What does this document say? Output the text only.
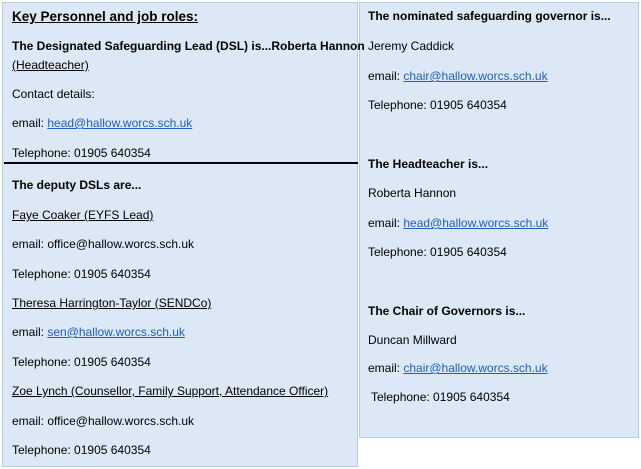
Key Personnel and job roles:
The Designated Safeguarding Lead (DSL) is...Roberta Hannon
(Headteacher)
Contact details:
email: head@hallow.worcs.sch.uk
Telephone: 01905 640354
The deputy DSLs are...
Faye Coaker (EYFS Lead)
email: office@hallow.worcs.sch.uk
Telephone: 01905 640354
Theresa Harrington-Taylor (SENDCo)
email: sen@hallow.worcs.sch.uk
Telephone: 01905 640354
Zoe Lynch (Counsellor, Family Support, Attendance Officer)
email: office@hallow.worcs.sch.uk
Telephone: 01905 640354
The nominated safeguarding governor is...
Jeremy Caddick
email: chair@hallow.worcs.sch.uk
Telephone: 01905 640354
The Headteacher is...
Roberta Hannon
email: head@hallow.worcs.sch.uk
Telephone: 01905 640354
The Chair of Governors is...
Duncan Millward
email: chair@hallow.worcs.sch.uk
Telephone: 01905 640354
